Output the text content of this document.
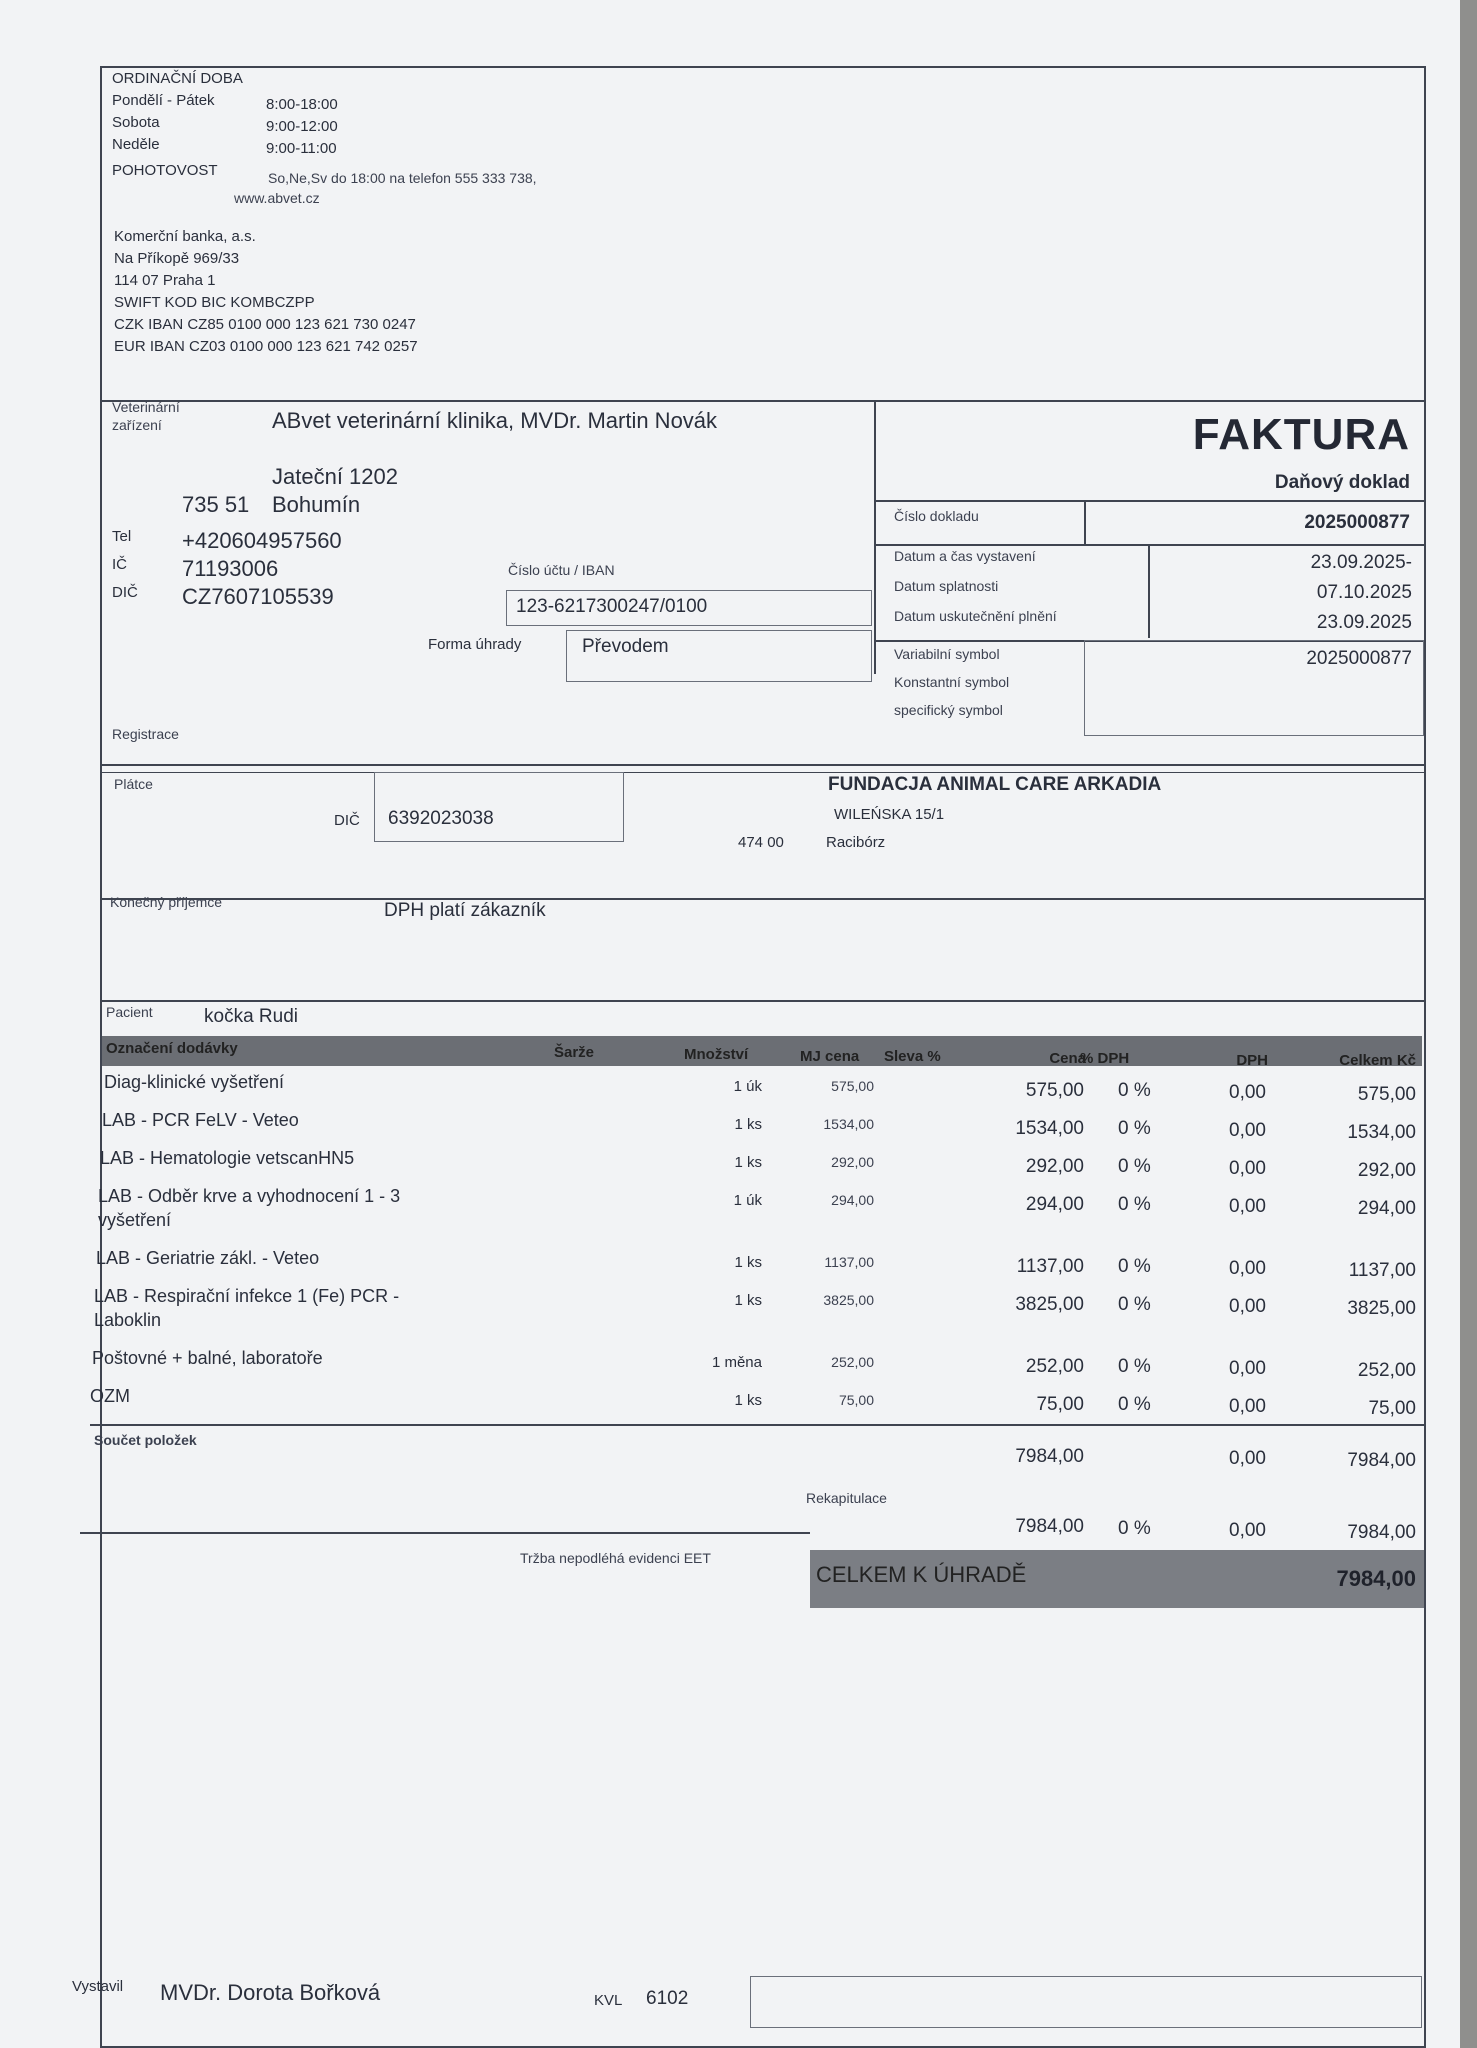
ORDINAČNÍ DOBA
Pondělí - Pátek	8:00-18:00
Sobota	9:00-12:00
Neděle	9:00-11:00
POHOTOVOST	So,Ne,Sv do 18:00 na telefon 555 333 738,
www.abvet.cz
Komerční banka, a.s.
Na Příkopě 969/33
114 07 Praha 1
SWIFT KOD BIC KOMBCZPP
CZK IBAN CZ85 0100 000 123 621 730 0247
EUR IBAN CZ03 0100 000 123 621 742 0257
Veterinární zařízení	ABvet veterinární klinika, MVDr. Martin Novák
Jateční 1202
735 51 Bohumín
Tel +420604957560
IČ	71193006
DIČ CZ7607105539
Číslo účtu / IBAN
123-6217300247/0100
Forma úhrady	Převodem
Registrace
FAKTURA
Daňový doklad
Číslo dokladu	2025000877
Datum a čas vystavení
Datum splatnosti
Datum uskutečnění plnění
23.09.2025-
07.10.2025
23.09.2025
Variabilní symbol
Konstantní symbol
specifický symbol
2025000877
Plátce
DIČ 6392023038
FUNDACJA ANIMAL CARE ARKADIA
WILEŃSKA 15/1
474 00	Racibórz
Konečný příjemce	DPH platí zákazník
Pacient	kočka Rudi
Označení dodávky	Šarže	Množství	MJ cena Sleva %	Cena
% DPH	DPH	Celkem Kč
Diag-klinické vyšetření	1 úk	575,00	575,00 0 %	0,00	575,00
LAB - PCR FeLV - Veteo	1 ks	1534,00	1534,00 0 %	0,00	1534,00
LAB - Hematologie vetscanHN5	1 ks	292,00	292,00 0 %	0,00	292,00
LAB - Odběr krve a vyhodnocení 1 - 3
vyšetření
1 úk	294,00	294,00 0 %	0,00	294,00
LAB - Geriatrie zákl. - Veteo	1 ks	1137,00	1137,00 0 %	0,00	1137,00
LAB - Respirační infekce 1 (Fe) PCR -
Laboklin
1 ks	3825,00	3825,00 0 %	0,00	3825,00
Poštovné + balné, laboratoře	1 měna	252,00	252,00 0 %	0,00	252,00
OZM	1 ks	75,00	75,00 0 %	0,00	75,00
Součet položek
7984,00	0,00	7984,00
Rekapitulace
7984,00 0 %	0,00	7984,00
Tržba nepodléhá evidenci EET
CELKEM K ÚHRADĚ	7984,00
Vystavil MVDr. Dorota Bořková	KVL 6102
